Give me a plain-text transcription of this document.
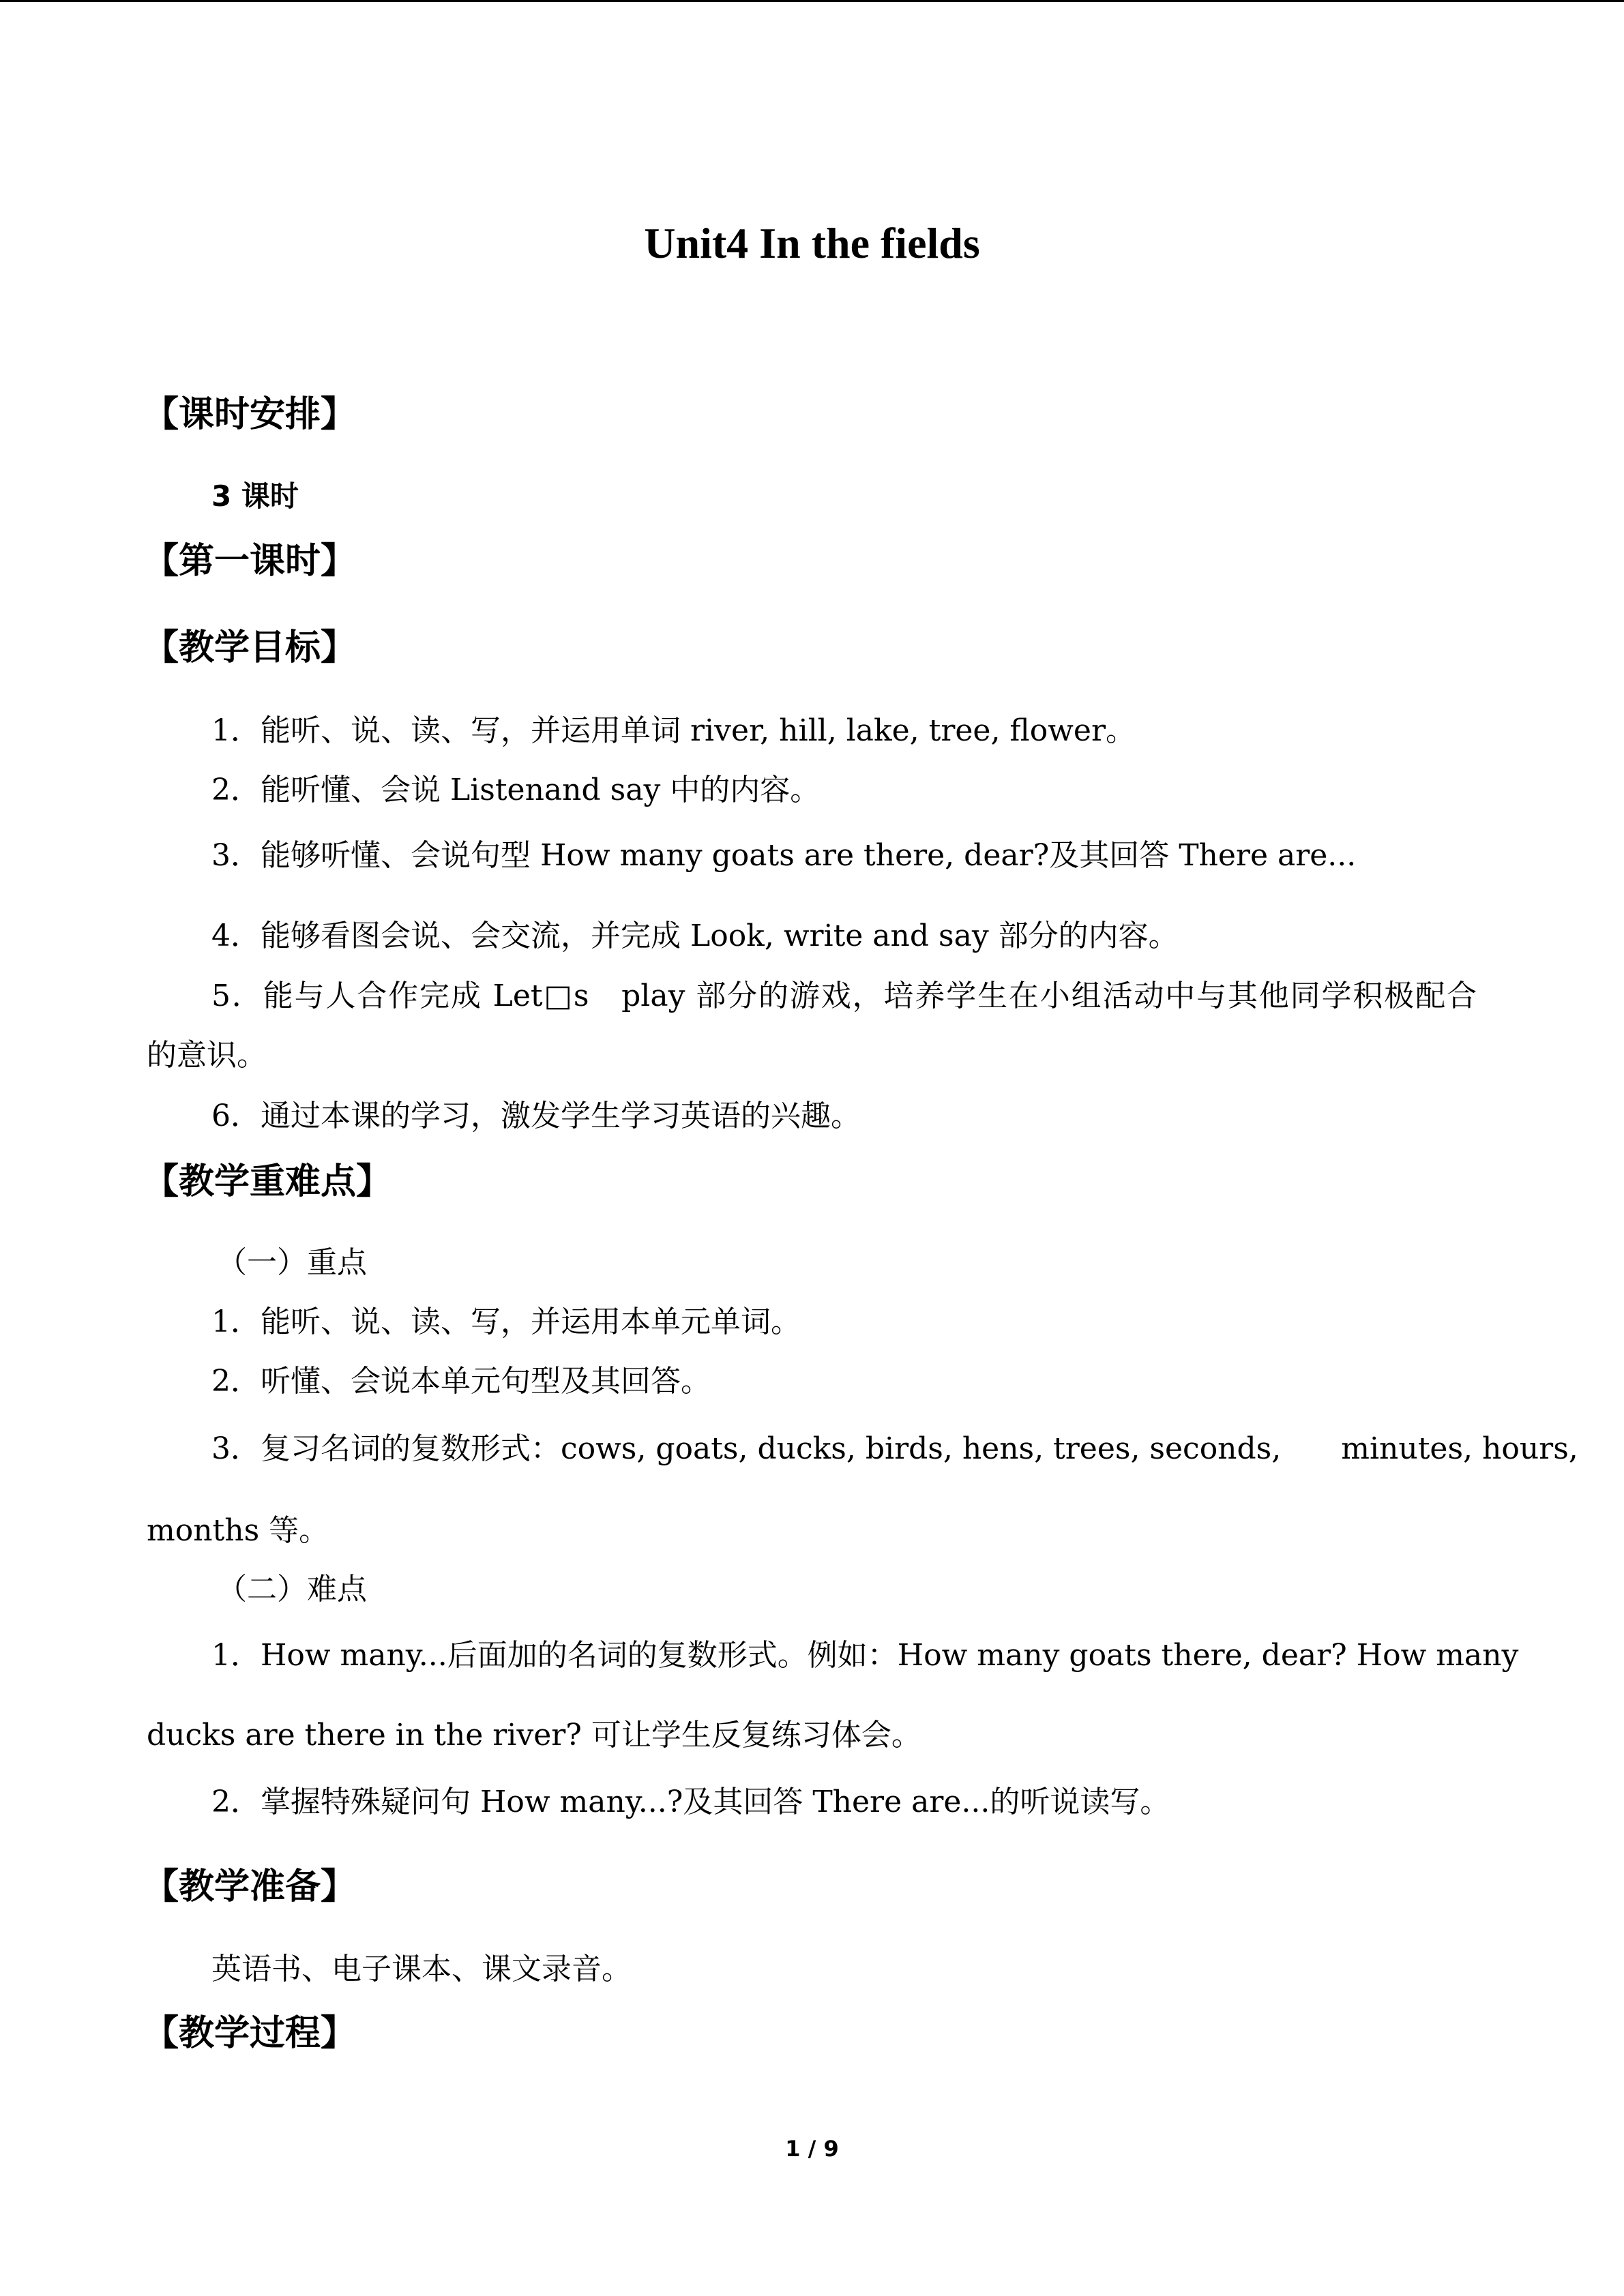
Unit4 In the fields
【课时安排】
3 课时
【第一课时】
【教学目标】
1．能听、说、读、写，并运用单词 river, hill, lake, tree, flower。
2．能听懂、会说 Listenand say 中的内容。
3．能够听懂、会说句型 How many goats are there, dear?及其回答 There are...
4．能够看图会说、会交流，并完成 Look, write and say 部分的内容。
5．能与人合作完成 Let□s　play 部分的游戏，培养学生在小组活动中与其他同学积极配合
的意识。
6．通过本课的学习，激发学生学习英语的兴趣。
【教学重难点】
（一）重点
1．能听、说、读、写，并运用本单元单词。
2．听懂、会说本单元句型及其回答。
3．复习名词的复数形式：cows, goats, ducks, birds, hens, trees, seconds,　　minutes, hours,
months 等。
（二）难点
1．How many...后面加的名词的复数形式。例如：How many goats there, dear? How many
ducks are there in the river? 可让学生反复练习体会。
2．掌握特殊疑问句 How many...?及其回答 There are...的听说读写。
【教学准备】
英语书、电子课本、课文录音。
【教学过程】
1 / 9
